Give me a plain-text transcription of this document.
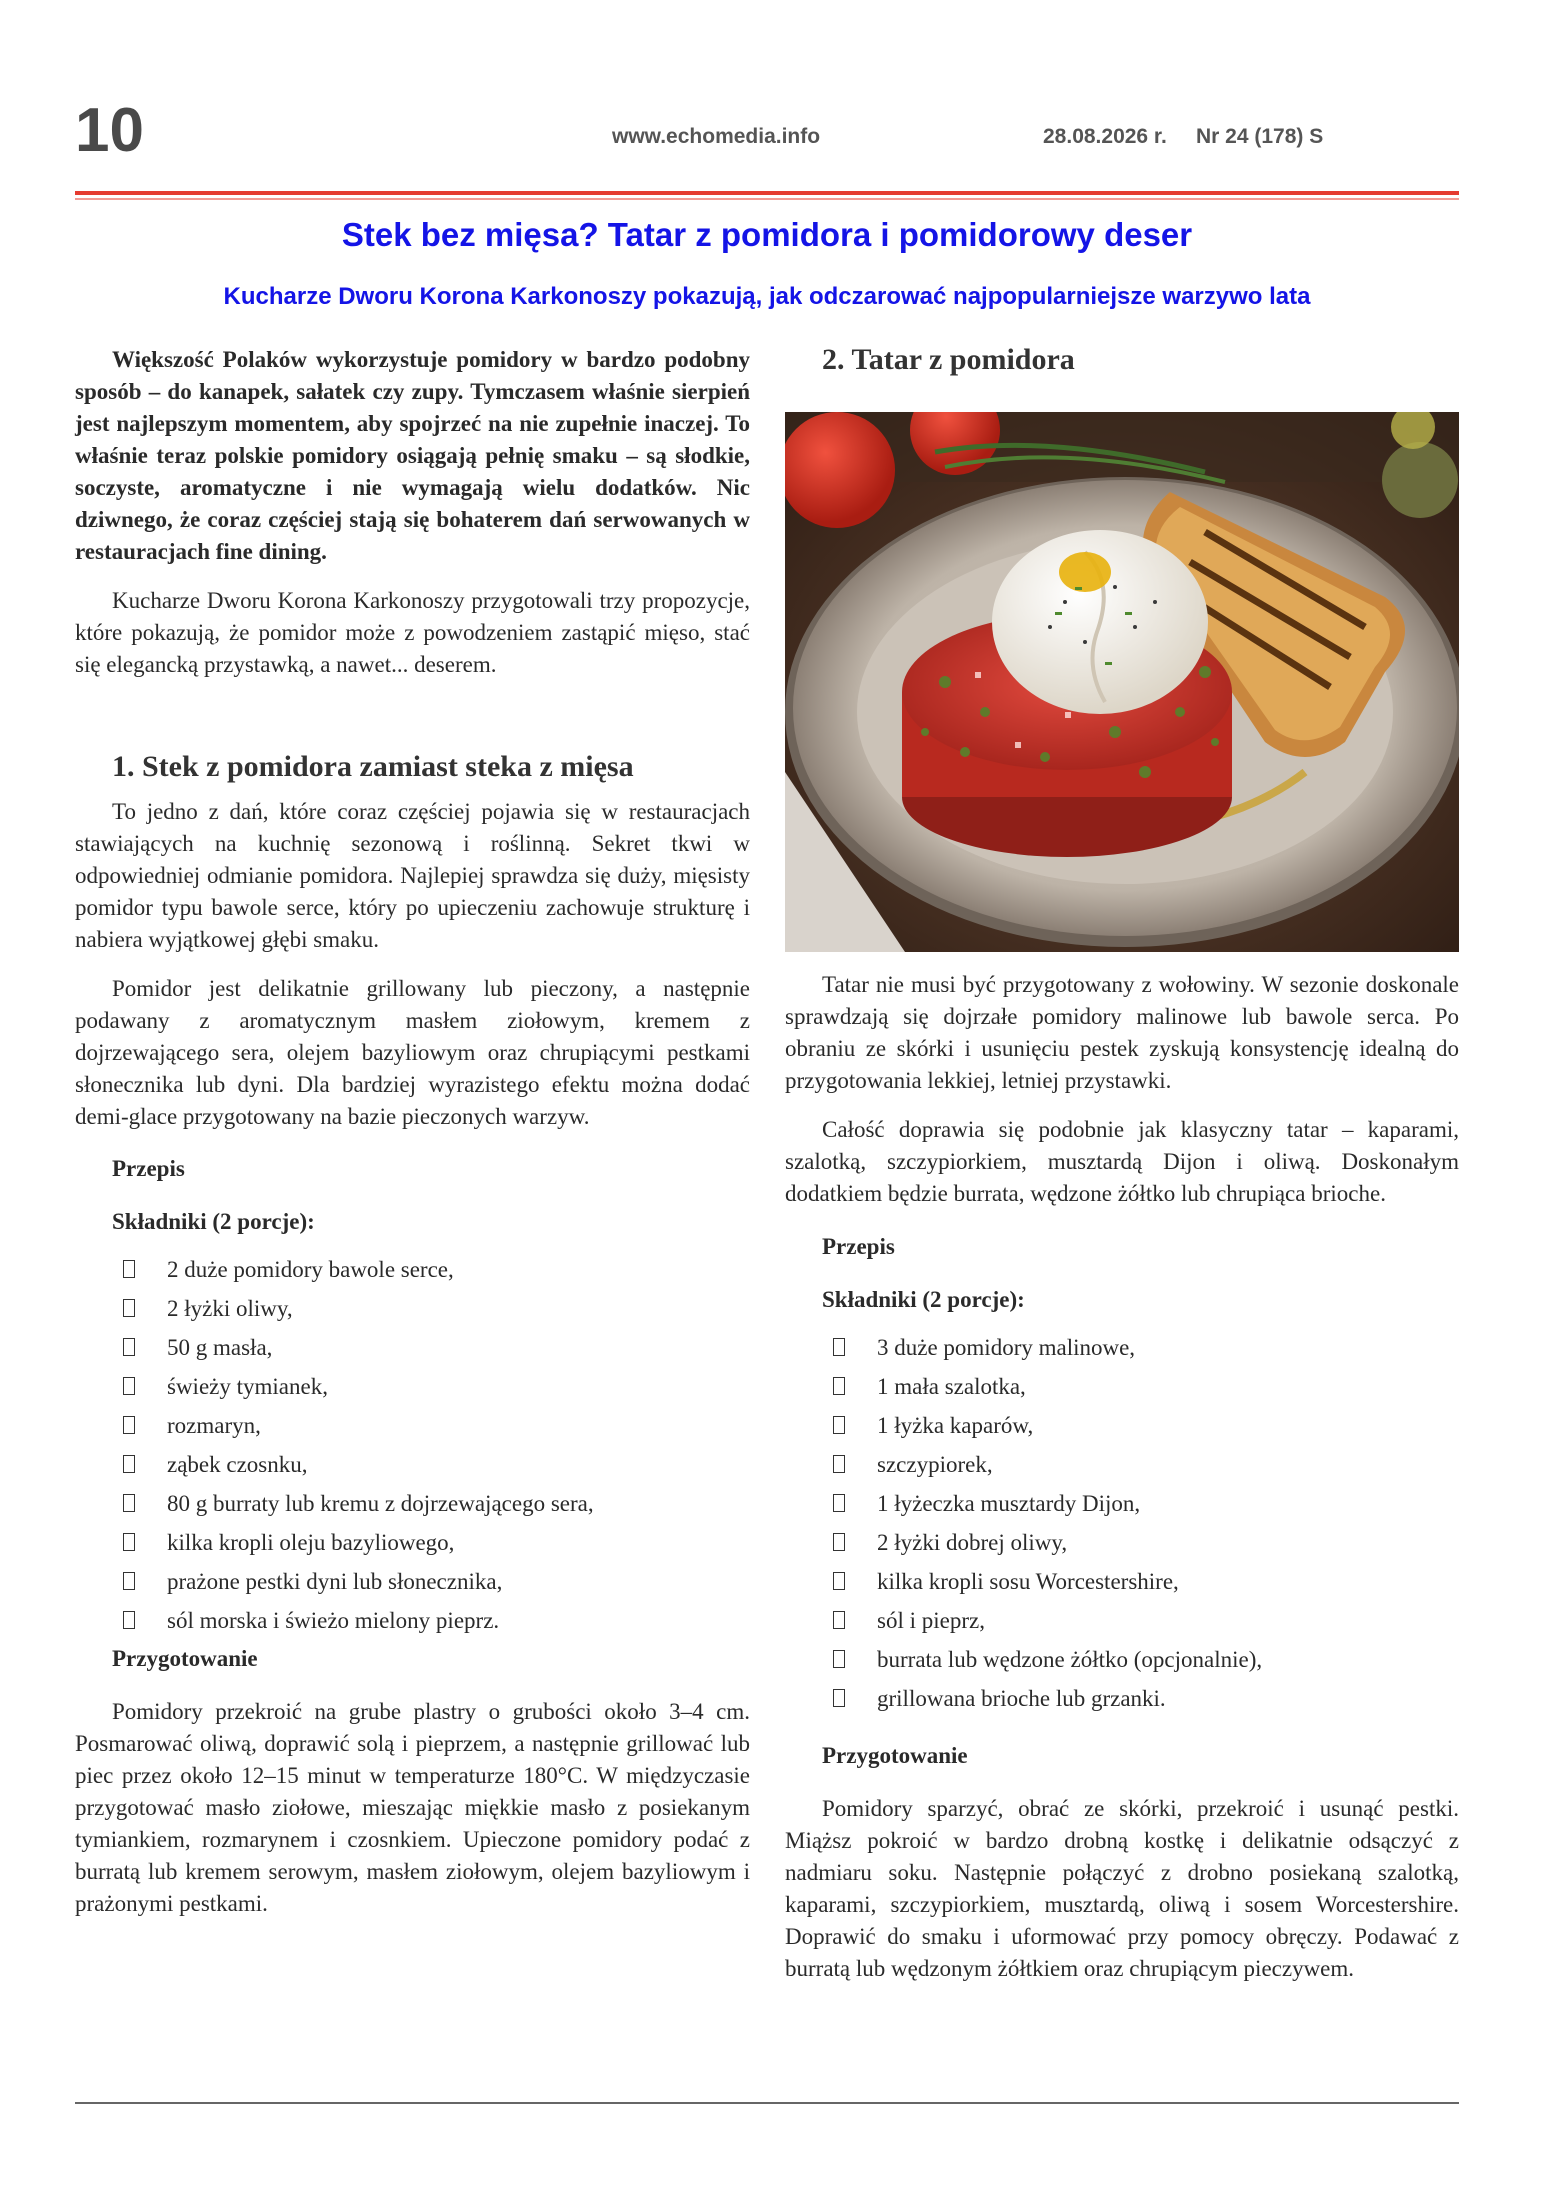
10	www.echomedia.info	28.08.2026 r. Nr 24 (178) S
Stek bez mięsa? Tatar z pomidora i pomidorowy deser
Kucharze Dworu Korona Karkonoszy pokazują, jak odczarować najpopularniejsze warzywo lata

Większość Polaków wykorzystuje pomidory w bardzo podobny sposób – do kanapek, sałatek czy zupy. Tymczasem właśnie sierpień jest najlepszym momentem, aby spojrzeć na nie zupełnie inaczej. To właśnie teraz polskie pomidory osiągają pełnię smaku – są słodkie, soczyste, aromatyczne i nie wymagają wielu dodatków. Nic dziwnego, że coraz częściej stają się bohaterem dań serwowanych w restauracjach fine dining.

Kucharze Dworu Korona Karkonoszy przygotowali trzy propozycje, które pokazują, że pomidor może z powodzeniem zastąpić mięso, stać się elegancką przystawką, a nawet... deserem.

1. Stek z pomidora zamiast steka z mięsa

To jedno z dań, które coraz częściej pojawia się w restauracjach stawiających na kuchnię sezonową i roślinną. Sekret tkwi w odpowiedniej odmianie pomidora. Najlepiej sprawdza się duży, mięsisty pomidor typu bawole serce, który po upieczeniu zachowuje strukturę i nabiera wyjątkowej głębi smaku.

Pomidor jest delikatnie grillowany lub pieczony, a następnie podawany z aromatycznym masłem ziołowym, kremem z dojrzewającego sera, olejem bazyliowym oraz chrupiącymi pestkami słonecznika lub dyni. Dla bardziej wyrazistego efektu można dodać demi-glace przygotowany na bazie pieczonych warzyw.

Przepis
Składniki (2 porcje):
2 duże pomidory bawole serce,
2 łyżki oliwy,
50 g masła,
świeży tymianek,
rozmaryn,
ząbek czosnku,
80 g burraty lub kremu z dojrzewającego sera,
kilka kropli oleju bazyliowego,
prażone pestki dyni lub słonecznika,
sól morska i świeżo mielony pieprz.
Przygotowanie

Pomidory przekroić na grube plastry o grubości około 3–4 cm. Posmarować oliwą, doprawić solą i pieprzem, a następnie grillować lub piec przez około 12–15 minut w temperaturze 180°C. W międzyczasie przygotować masło ziołowe, mieszając miękkie masło z posiekanym tymiankiem, rozmarynem i czosnkiem. Upieczone pomidory podać z burratą lub kremem serowym, masłem ziołowym, olejem bazyliowym i prażonymi pestkami.

2. Tatar z pomidora

Tatar nie musi być przygotowany z wołowiny. W sezonie doskonale sprawdzają się dojrzałe pomidory malinowe lub bawole serca. Po obraniu ze skórki i usunięciu pestek zyskują konsystencję idealną do przygotowania lekkiej, letniej przystawki.

Całość doprawia się podobnie jak klasyczny tatar – kaparami, szalotką, szczypiorkiem, musztardą Dijon i oliwą. Doskonałym dodatkiem będzie burrata, wędzone żółtko lub chrupiąca brioche.

Przepis
Składniki (2 porcje):
3 duże pomidory malinowe,
1 mała szalotka,
1 łyżka kaparów,
szczypiorek,
1 łyżeczka musztardy Dijon,
2 łyżki dobrej oliwy,
kilka kropli sosu Worcestershire,
sól i pieprz,
burrata lub wędzone żółtko (opcjonalnie),
grillowana brioche lub grzanki.
Przygotowanie

Pomidory sparzyć, obrać ze skórki, przekroić i usunąć pestki. Miąższ pokroić w bardzo drobną kostkę i delikatnie odsączyć z nadmiaru soku. Następnie połączyć z drobno posiekaną szalotką, kaparami, szczypiorkiem, musztardą, oliwą i sosem Worcestershire. Doprawić do smaku i uformować przy pomocy obręczy. Podawać z burratą lub wędzonym żółtkiem oraz chrupiącym pieczywem.
